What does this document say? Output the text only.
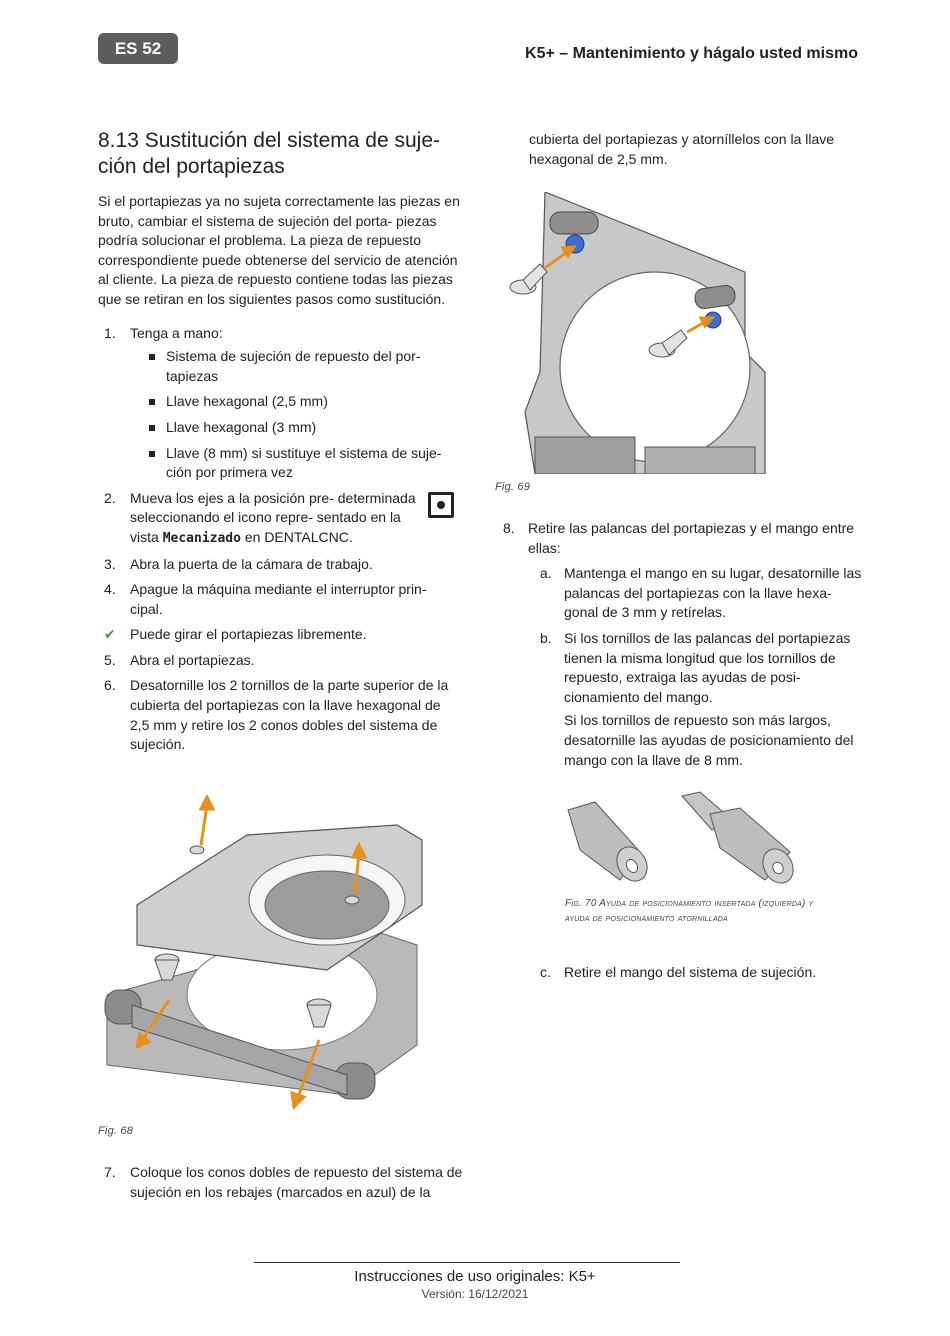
ES 52	K5+ – Mantenimiento y hágalo usted mismo
8.13 Sustitución del sistema de suje- ción del portapiezas

Si el portapiezas ya no sujeta correctamente las piezas en bruto, cambiar el sistema de sujeción del porta- piezas podría solucionar el problema. La pieza de repuesto correspondiente puede obtenerse del servicio de atención al cliente. La pieza de repuesto contiene todas las piezas que se retiran en los siguientes pasos como sustitución.

1.	Tenga a mano:
Sistema de sujeción de repuesto del por- tapiezas
Llave hexagonal (2,5 mm)
Llave hexagonal (3 mm)
Llave (8 mm) si sustituye el sistema de suje- ción por primera vez
2.	Mueva los ejes a la posición pre- determinada seleccionando el icono repre- sentado en la vista Mecanizado en DENTALCNC.
3.	Abra la puerta de la cámara de trabajo.
4.	Apague la máquina mediante el interruptor prin- cipal.
✔	Puede girar el portapiezas libremente.
5.	Abra el portapiezas.
6.	Desatornille los 2 tornillos de la parte superior de la cubierta del portapiezas con la llave hexagonal de 2,5 mm y retire los 2 conos dobles del sistema de sujeción.
Fig. 68
7.	Coloque los conos dobles de repuesto del sistema de sujeción en los rebajes (marcados en azul) de la
cubierta del portapiezas y atorníllelos con la llave hexagonal de 2,5 mm.
Fig. 69
8. Retire las palancas del portapiezas y el mango entre ellas:
a. Mantenga el mango en su lugar, desatornille las palancas del portapiezas con la llave hexa- gonal de 3 mm y retírelas.
b. Si los tornillos de las palancas del portapiezas tienen la misma longitud que los tornillos de repuesto, extraiga las ayudas de posi- cionamiento del mango.
Si los tornillos de repuesto son más largos, desatornille las ayudas de posicionamiento del mango con la llave de 8 mm.
Fig. 70 Ayuda de posicionamiento insertada (izquierda) y ayuda de posicionamiento atornillada
c. Retire el mango del sistema de sujeción.
Instrucciones de uso originales: K5+
Versión: 16/12/2021
